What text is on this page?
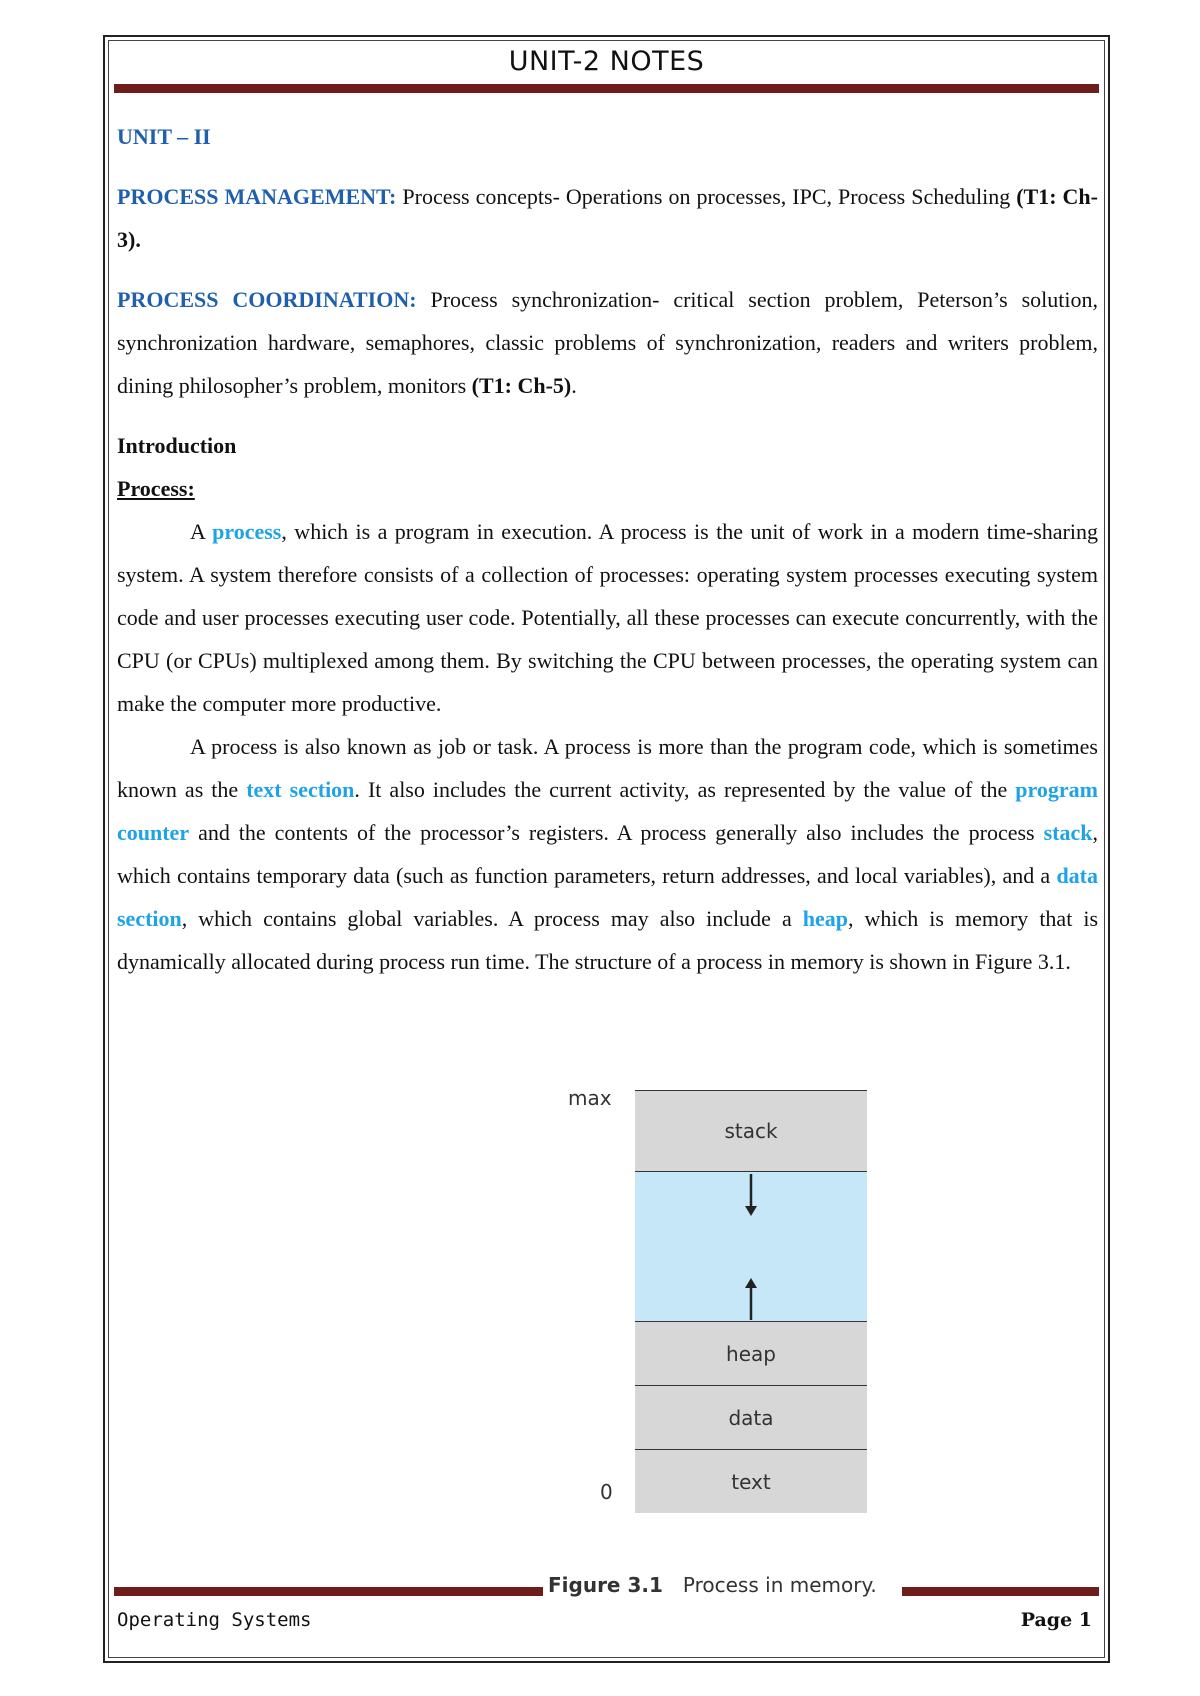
UNIT-2 NOTES

UNIT – II

PROCESS MANAGEMENT: Process concepts- Operations on processes, IPC, Process Scheduling (T1: Ch-3).

PROCESS COORDINATION: Process synchronization- critical section problem, Peterson’s solution, synchronization hardware, semaphores, classic problems of synchronization, readers and writers problem, dining philosopher’s problem, monitors (T1: Ch-5).

Introduction

Process:

A process, which is a program in execution. A process is the unit of work in a modern time-sharing system. A system therefore consists of a collection of processes: operating system processes executing system code and user processes executing user code. Potentially, all these processes can execute concurrently, with the CPU (or CPUs) multiplexed among them. By switching the CPU between processes, the operating system can make the computer more productive.

A process is also known as job or task. A process is more than the program code, which is sometimes known as the text section. It also includes the current activity, as represented by the value of the program counter and the contents of the processor’s registers. A process generally also includes the process stack, which contains temporary data (such as function parameters, return addresses, and local variables), and a data section, which contains global variables. A process may also include a heap, which is memory that is dynamically allocated during process run time. The structure of a process in memory is shown in Figure 3.1.

max
0
stack
heap
data
text
Figure 3.1 Process in memory.
Operating Systems	Page 1
